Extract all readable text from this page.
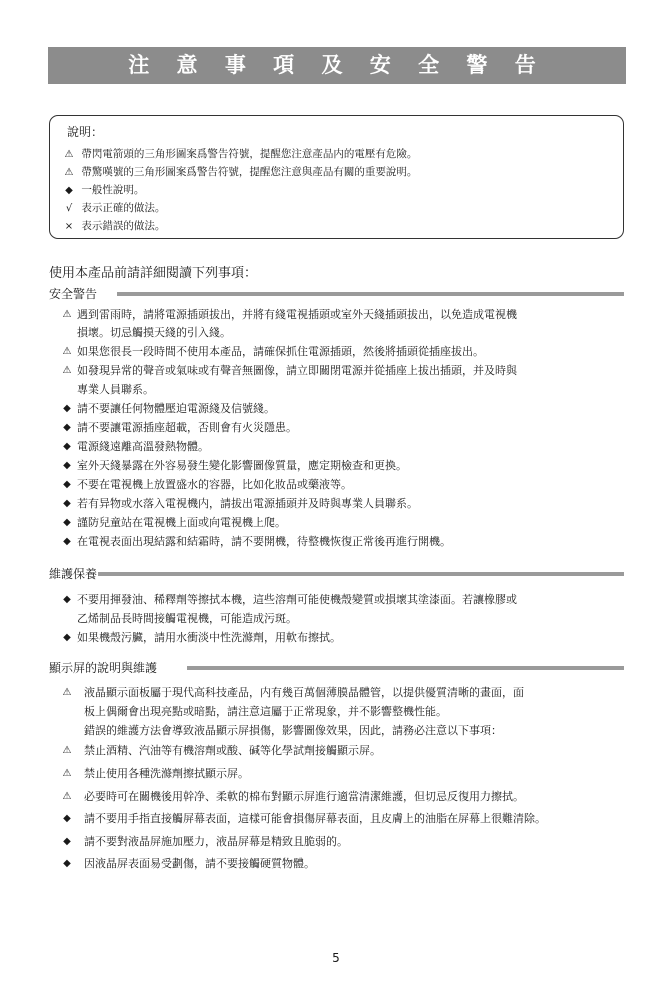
注 意 事 項 及 安 全 警 告
說明：
⚠ 帶閃電箭頭的三角形圖案爲警告符號，提醒您注意產品内的電壓有危險。
⚠ 帶驚嘆號的三角形圖案爲警告符號，提醒您注意與產品有關的重要說明。
◆ 一般性說明。
√ 表示正確的做法。
× 表示錯誤的做法。
使用本產品前請詳細閱讀下列事項：
安全警告
⚠ 遇到雷雨時，請將電源插頭拔出，并將有綫電視插頭或室外天綫插頭拔出，以免造成電視機
損壞。切忌觸摸天綫的引入綫。
⚠ 如果您很長一段時間不使用本產品，請確保抓住電源插頭，然後將插頭從插座拔出。
⚠ 如發現异常的聲音或氣味或有聲音無圖像，請立即關閉電源并從插座上拔出插頭，并及時與
專業人員聯系。
◆ 請不要讓任何物體壓迫電源綫及信號綫。
◆ 請不要讓電源插座超載，否則會有火災隱患。
◆ 電源綫遠離高溫發熱物體。
◆ 室外天綫暴露在外容易發生變化影響圖像質量，應定期檢查和更換。
◆ 不要在電視機上放置盛水的容器，比如化妝品或藥液等。
◆ 若有异物或水落入電視機内，請拔出電源插頭并及時與專業人員聯系。
◆ 謹防兒童站在電視機上面或向電視機上爬。
◆ 在電視表面出現結露和結霜時，請不要開機，待整機恢復正常後再進行開機。
維護保養
◆ 不要用揮發油、稀釋劑等擦拭本機，這些溶劑可能使機殼變質或損壞其塗漆面。若讓橡膠或
乙烯制品長時間接觸電視機，可能造成污斑。
◆ 如果機殼污臟，請用水衝淡中性洗滌劑，用軟布擦拭。
顯示屏的說明與維護
⚠ 液晶顯示面板屬于現代高科技產品，内有幾百萬個薄膜晶體管，以提供優質清晰的畫面，面
板上偶爾會出現亮點或暗點，請注意這屬于正常現象，并不影響整機性能。
錯誤的維護方法會導致液晶顯示屏損傷，影響圖像效果，因此，請務必注意以下事項：
⚠ 禁止酒精、汽油等有機溶劑或酸、碱等化學試劑接觸顯示屏。
⚠ 禁止使用各種洗滌劑擦拭顯示屏。
⚠ 必要時可在關機後用幹净、柔軟的棉布對顯示屏進行適當清潔維護，但切忌反復用力擦拭。
◆ 請不要用手指直接觸屏幕表面，這樣可能會損傷屏幕表面，且皮膚上的油脂在屏幕上很難清除。
◆ 請不要對液晶屏施加壓力，液晶屏幕是精致且脆弱的。
◆ 因液晶屏表面易受劃傷，請不要接觸硬質物體。
5
